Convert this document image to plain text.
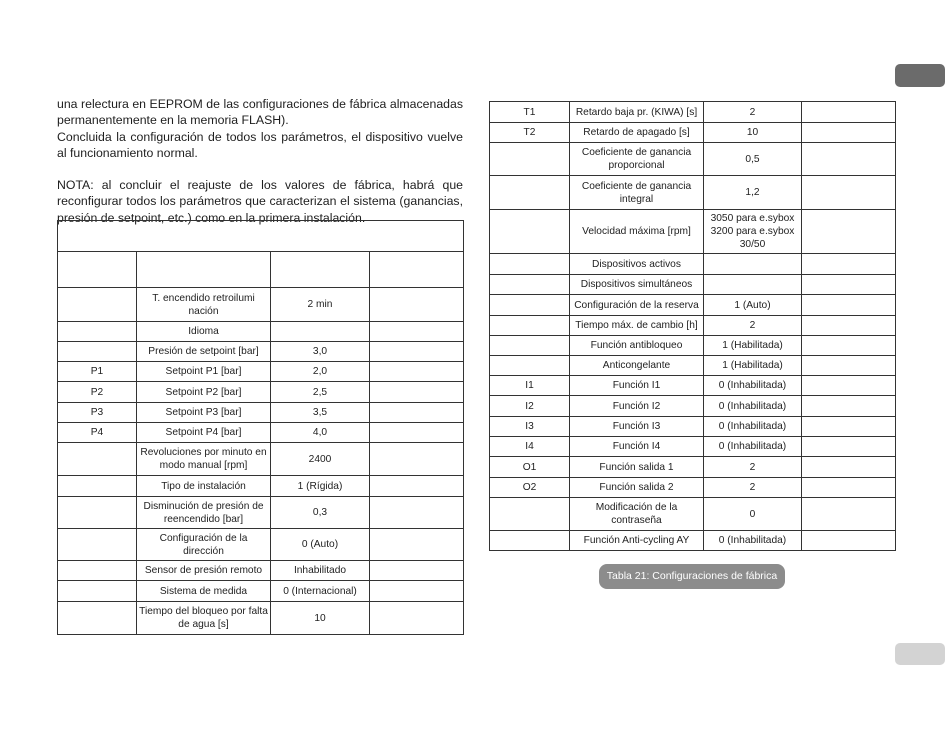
una relectura en EEPROM de las configuraciones de fábrica almacenadas permanentemente en la memoria FLASH).

Concluida la configuración de todos los parámetros, el dispositivo vuelve al funcionamiento normal.

NOTA: al concluir el reajuste de los valores de fábrica, habrá que reconfigurar todos los parámetros que caracterizan el sistema (ganancias, presión de setpoint, etc.) como en la primera instalación.

	T. encendido retroilumi nación	2 min	
	Idioma		
	Presión de setpoint [bar]	3,0	
P1	Setpoint P1 [bar]	2,0	
P2	Setpoint P2 [bar]	2,5	
P3	Setpoint P3 [bar]	3,5	
P4	Setpoint P4 [bar]	4,0	
	Revoluciones por minuto en modo manual [rpm]	2400	
	Tipo de instalación	1 (Rígida)	
	Disminución de presión de reencendido [bar]	0,3	
	Configuración de la dirección	0 (Auto)	
	Sensor de presión remoto	Inhabilitado	
	Sistema de medida	0 (Internacional)	
	Tiempo del bloqueo por falta de agua [s]	10	
T1	Retardo baja pr. (KIWA) [s]	2	
T2	Retardo de apagado [s]	10	
	Coeficiente de ganancia proporcional	0,5	
	Coeficiente de ganancia integral	1,2	
	Velocidad máxima [rpm]	3050 para e.sybox 3200 para e.sybox 30/50	
	Dispositivos activos		
	Dispositivos simultáneos		
	Configuración de la reserva	1 (Auto)	
	Tiempo máx. de cambio [h]	2	
	Función antibloqueo	1 (Habilitada)	
	Anticongelante	1 (Habilitada)	
I1	Función I1	0 (Inhabilitada)	
I2	Función I2	0 (Inhabilitada)	
I3	Función I3	0 (Inhabilitada)	
I4	Función I4	0 (Inhabilitada)	
O1	Función salida 1	2	
O2	Función salida 2	2	
	Modificación de la contraseña	0	
	Función Anti-cycling AY	0 (Inhabilitada)	
Tabla 21: Configuraciones de fábrica
